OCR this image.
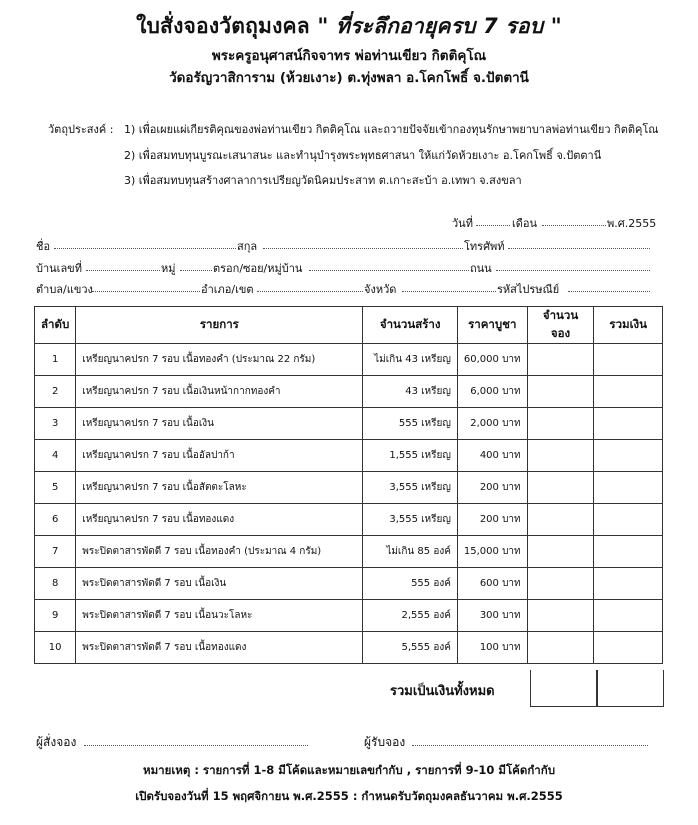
ใบสั่งจองวัตถุมงคล " ที่ระลึกอายุครบ 7 รอบ "
พระครูอนุศาสน์กิจจาทร พ่อท่านเขียว กิตติคุโณ
วัดอรัญวาสิการาม (ห้วยเงาะ) ต.ทุ่งพลา อ.โคกโพธิ์ จ.ปัตตานี
วัตถุประสงค์ : 1) เพื่อเผยแผ่เกียรติคุณของพ่อท่านเขียว กิตติคุโณ และถวายปัจจัยเข้ากองทุนรักษาพยาบาลพ่อท่านเขียว กิตติคุโณ
2) เพื่อสมทบทุนบูรณะเสนาสนะ และทำนุบำรุงพระพุทธศาสนา ให้แก่วัดห้วยเงาะ อ.โคกโพธิ์ จ.ปัตตานี
3) เพื่อสมทบทุนสร้างศาลาการเปรียญวัดนิคมประสาท ต.เกาะสะบ้า อ.เทพา จ.สงขลา
วันที่	เดือน	พ.ศ.2555
ชื่อ	สกุล	โทรศัพท์
บ้านเลขที่	หมู่	ตรอก/ซอย/หมู่บ้าน	ถนน
ตำบล/แขวง	อำเภอ/เขต	จังหวัด	รหัสไปรษณีย์
ลำดับ	รายการ	จำนวนสร้าง	ราคาบูชา	จำนวนจอง	รวมเงิน
1	เหรียญนาคปรก 7 รอบ เนื้อทองคำ (ประมาณ 22 กรัม)	ไม่เกิน 43 เหรียญ	60,000 บาท		
2	เหรียญนาคปรก 7 รอบ เนื้อเงินหน้ากากทองคำ	43 เหรียญ	6,000 บาท		
3	เหรียญนาคปรก 7 รอบ เนื้อเงิน	555 เหรียญ	2,000 บาท		
4	เหรียญนาคปรก 7 รอบ เนื้ออัลปาก้า	1,555 เหรียญ	400 บาท		
5	เหรียญนาคปรก 7 รอบ เนื้อสัตตะโลหะ	3,555 เหรียญ	200 บาท		
6	เหรียญนาคปรก 7 รอบ เนื้อทองแดง	3,555 เหรียญ	200 บาท		
7	พระปิดตาสารพัดดี 7 รอบ เนื้อทองคำ (ประมาณ 4 กรัม)	ไม่เกิน 85 องค์	15,000 บาท		
8	พระปิดตาสารพัดดี 7 รอบ เนื้อเงิน	555 องค์	600 บาท		
9	พระปิดตาสารพัดดี 7 รอบ เนื้อนวะโลหะ	2,555 องค์	300 บาท		
10	พระปิดตาสารพัดดี 7 รอบ เนื้อทองแดง	5,555 องค์	100 บาท		
รวมเป็นเงินทั้งหมด
ผู้สั่งจอง	ผู้รับจอง
หมายเหตุ : รายการที่ 1-8 มีโค้ดและหมายเลขกำกับ , รายการที่ 9-10 มีโค้ดกำกับ
เปิดรับจองวันที่ 15 พฤศจิกายน พ.ศ.2555 : กำหนดรับวัตถุมงคลธันวาคม พ.ศ.2555
